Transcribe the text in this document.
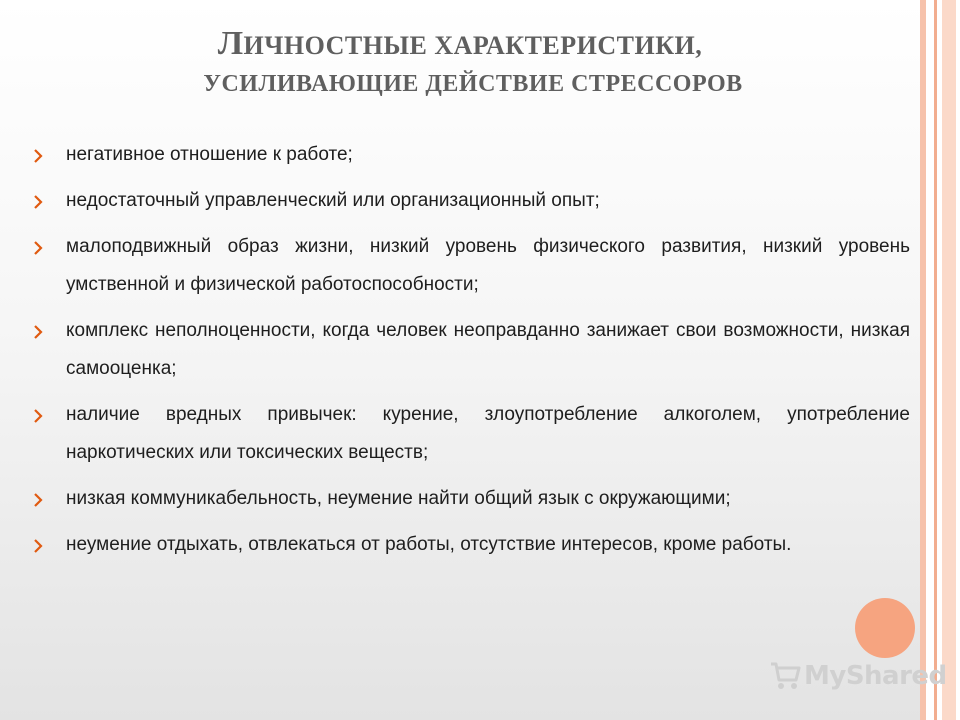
ЛИЧНОСТНЫЕ ХАРАКТЕРИСТИКИ,
УСИЛИВАЮЩИЕ ДЕЙСТВИЕ СТРЕССОРОВ
негативное отношение к работе;
недостаточный управленческий или организационный опыт;
малоподвижный образ жизни, низкий уровень физического развития, низкий уровень умственной и физической работоспособности;
комплекс неполноценности, когда человек неоправданно занижает свои возможности, низкая самооценка;
наличие вредных привычек: курение, злоупотребление алкоголем, употребление наркотических или токсических веществ;
низкая коммуникабельность, неумение найти общий язык с окружающими;
неумение отдыхать, отвлекаться от работы, отсутствие интересов, кроме работы.
MyShared
